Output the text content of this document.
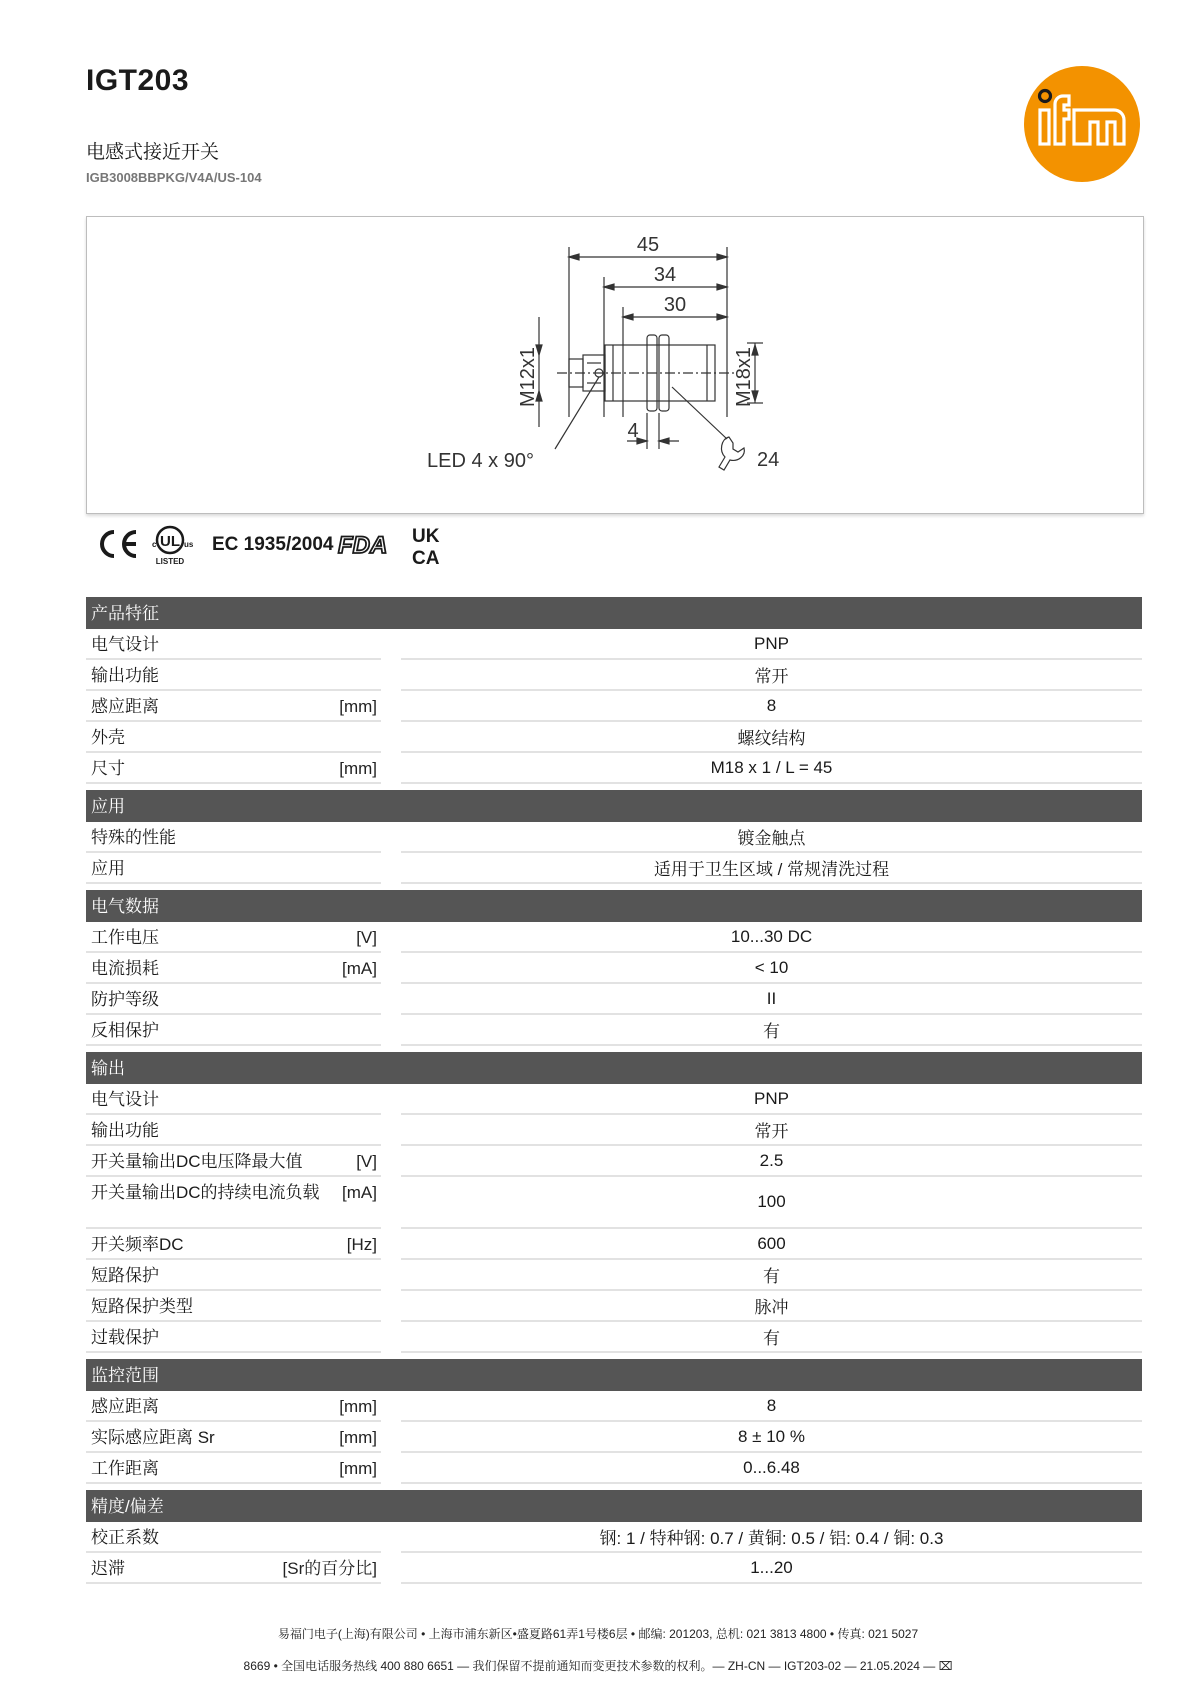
IGT203
电感式接近开关
IGB3008BBPKG/V4A/US-104	ifm
45
34
30
4
24
LED 4 x 90°
M12x1	M18x1
UL
c	us
LISTED
FDA UK
CA
EC 1935/2004
产品特征
电气设计	PNP
输出功能	常开
感应距离	[mm]	8
外壳	螺纹结构
尺寸	[mm]	M18 x 1 / L = 45
应用
特殊的性能	镀金触点
应用	适用于卫生区域 / 常规清洗过程
电气数据
工作电压	[V]	10...30 DC
电流损耗	[mA]	< 10
防护等级	II
反相保护	有
输出
电气设计	PNP
输出功能	常开
开关量输出DC电压降最大值	[V]	2.5
开关量输出DC的持续电流负载	[mA]	100
开关频率DC	[Hz]	600
短路保护	有
短路保护类型	脉冲
过载保护	有
监控范围
感应距离	[mm]	8
实际感应距离 Sr	[mm]	8 ± 10 %
工作距离	[mm]	0...6.48
精度/偏差
校正系数	钢: 1 / 特种钢: 0.7 / 黄铜: 0.5 / 铝: 0.4 / 铜: 0.3
迟滞	[Sr的百分比]	1...20
易福门电子(上海)有限公司 • 上海市浦东新区•盛夏路61弄1号楼6层 • 邮编: 201203, 总机: 021 3813 4800 • 传真: 021 5027
8669 • 全国电话服务热线 400 880 6651 — 我们保留不提前通知而变更技术参数的权利。— ZH-CN — IGT203-02 — 21.05.2024 — ⌧
